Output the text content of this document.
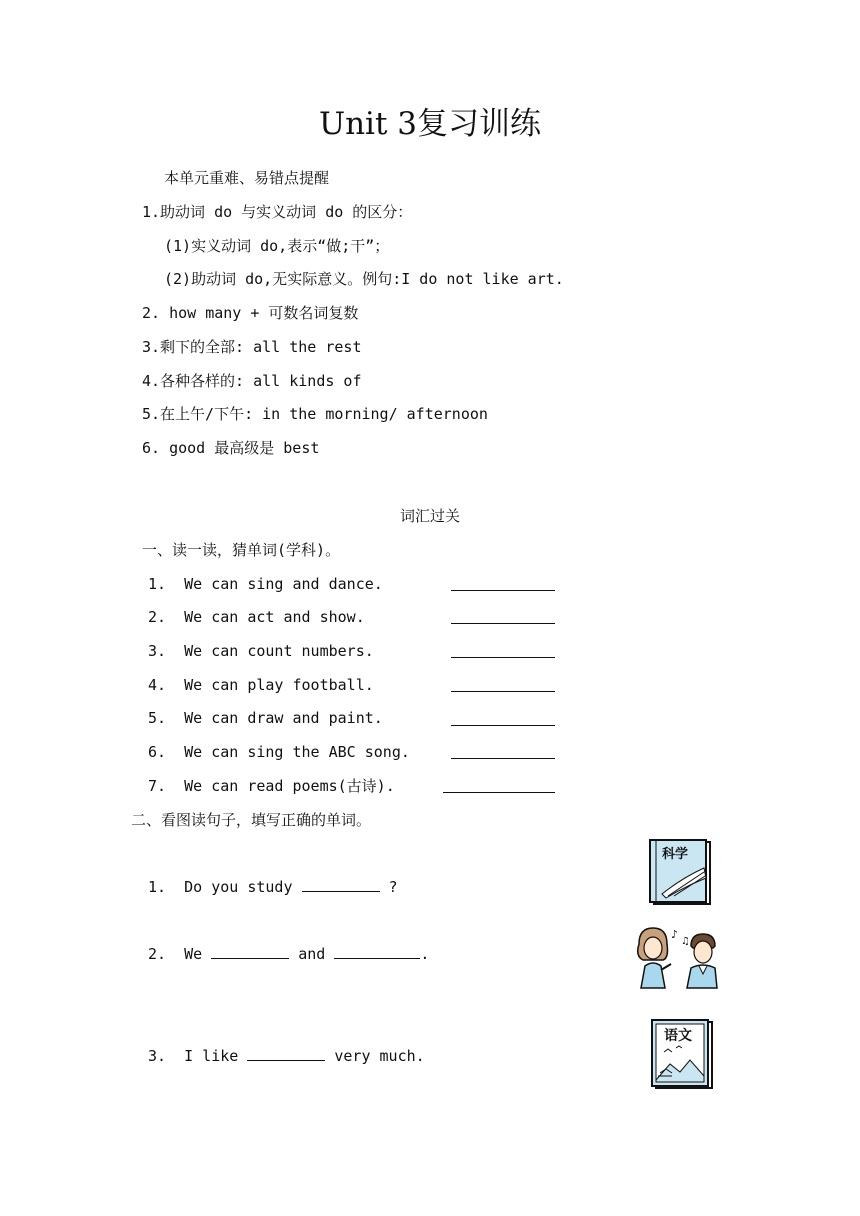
Unit 3复习训练
本单元重难、易错点提醒
1.助动词 do 与实义动词 do 的区分：
(1)实义动词 do,表示“做;干”；
(2)助动词 do,无实际意义。例句:I do not like art.
2. how many + 可数名词复数
3.剩下的全部: all the rest
4.各种各样的: all kinds of
5.在上午/下午: in the morning/ afternoon
6. good 最高级是 best
词汇过关
一、读一读，猜单词(学科)。
1.  We can sing and dance.
2.  We can act and show.
3.  We can count numbers.
4.  We can play football.
5.  We can draw and paint.
6.  We can sing the ABC song.
7.  We can read poems(古诗).
二、看图读句子，填写正确的单词。
1.  Do you study	?
2.  We	and	.
3.  I like	very much.
科学
♪
♫
语文
